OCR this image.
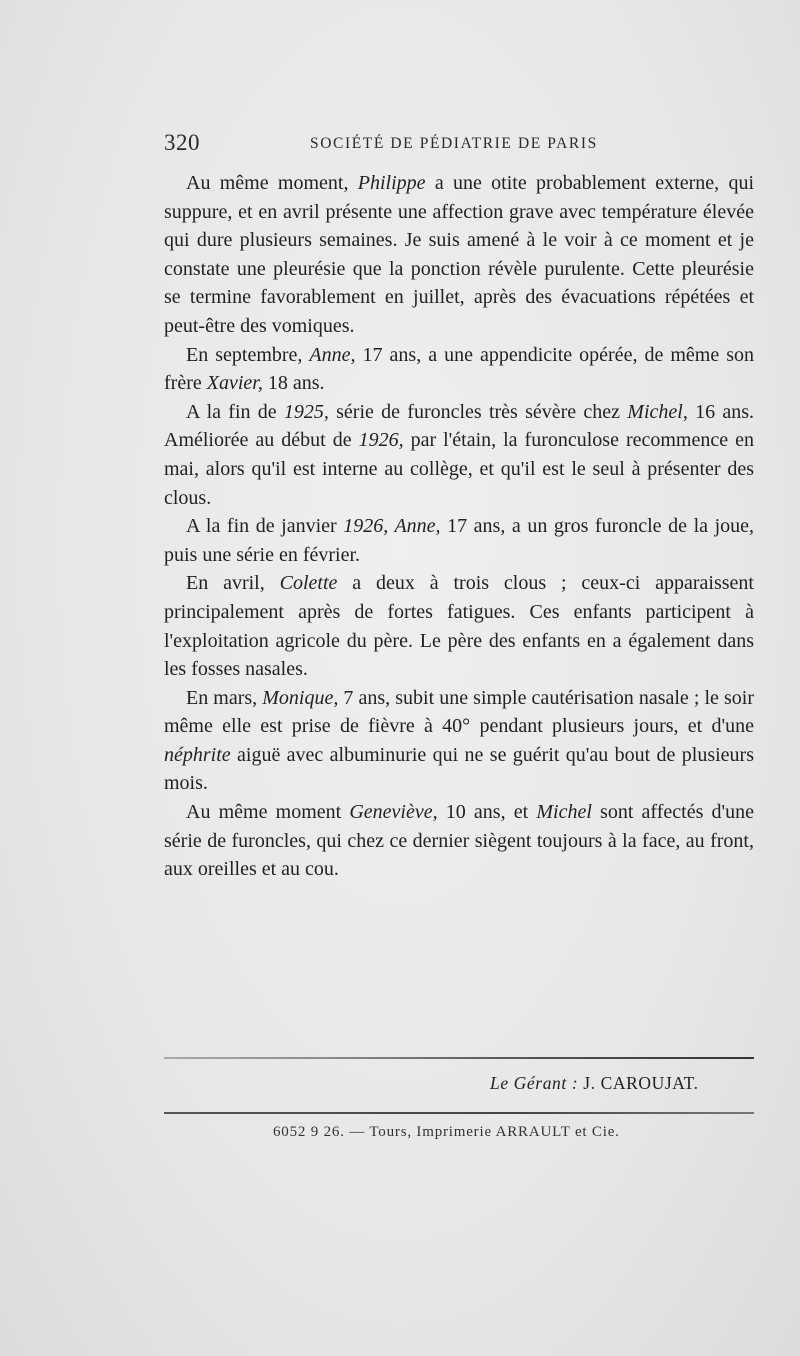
320	SOCIÉTÉ DE PÉDIATRIE DE PARIS

Au même moment, Philippe a une otite probablement externe, qui suppure, et en avril présente une affection grave avec température élevée qui dure plusieurs semaines. Je suis amené à le voir à ce moment et je constate une pleurésie que la ponction révèle purulente. Cette pleurésie se termine favorablement en juillet, après des évacuations répétées et peut-être des vomiques.

En septembre, Anne, 17 ans, a une appendicite opérée, de même son frère Xavier, 18 ans.

A la fin de 1925, série de furoncles très sévère chez Michel, 16 ans. Améliorée au début de 1926, par l'étain, la furonculose recommence en mai, alors qu'il est interne au collège, et qu'il est le seul à présenter des clous.

A la fin de janvier 1926, Anne, 17 ans, a un gros furoncle de la joue, puis une série en février.

En avril, Colette a deux à trois clous ; ceux-ci apparaissent principalement après de fortes fatigues. Ces enfants participent à l'exploitation agricole du père. Le père des enfants en a également dans les fosses nasales.

En mars, Monique, 7 ans, subit une simple cautérisation nasale ; le soir même elle est prise de fièvre à 40° pendant plusieurs jours, et d'une néphrite aiguë avec albuminurie qui ne se guérit qu'au bout de plusieurs mois.

Au même moment Geneviève, 10 ans, et Michel sont affectés d'une série de furoncles, qui chez ce dernier siègent toujours à la face, au front, aux oreilles et au cou.

Le Gérant : J. CAROUJAT.
6052 9 26. — Tours, Imprimerie ARRAULT et Cie.
